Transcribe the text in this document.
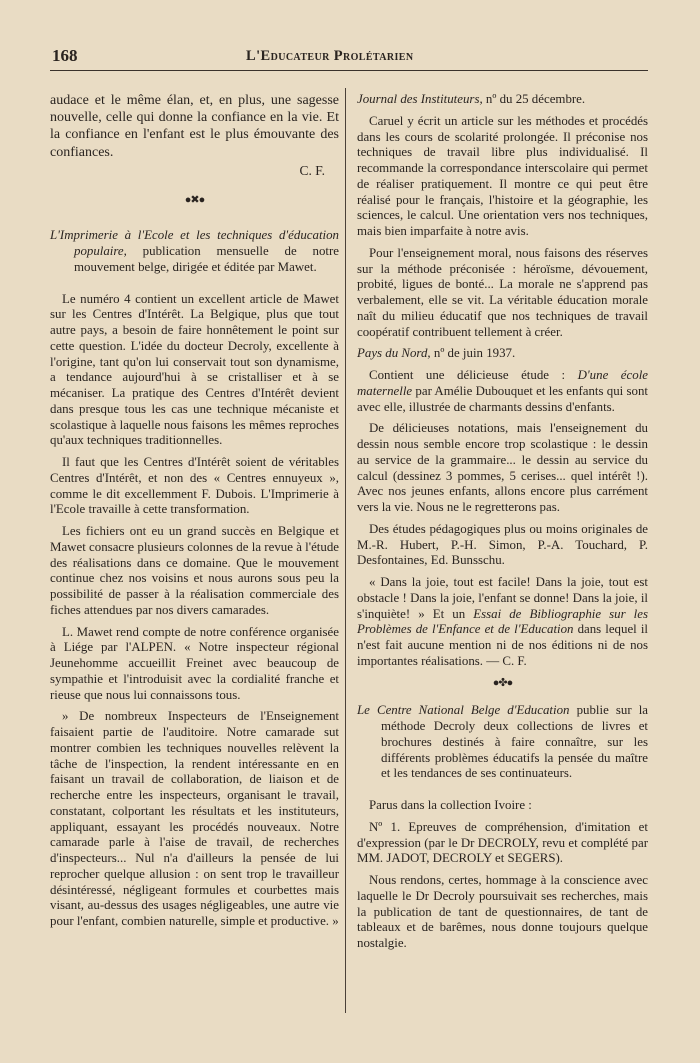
168	L'Educateur Prolétarien

audace et le même élan, et, en plus, une sagesse nouvelle, celle qui donne la confiance en la vie. Et la confiance en l'enfant est le plus émouvante des confiances.

C. F.

●✖●

L'Imprimerie à l'Ecole et les techniques d'éducation populaire, publication mensuelle de notre mouvement belge, dirigée et éditée par Mawet.

Le numéro 4 contient un excellent article de Mawet sur les Centres d'Intérêt. La Belgique, plus que tout autre pays, a besoin de faire honnêtement le point sur cette question. L'idée du docteur Decroly, excellente à l'origine, tant qu'on lui conservait tout son dynamisme, a tendance aujourd'hui à se cristalliser et à se mécaniser. La pratique des Centres d'Intérêt devient dans presque tous les cas une technique mécaniste et scolastique à laquelle nous faisons les mêmes reproches qu'aux techniques traditionnelles.

Il faut que les Centres d'Intérêt soient de véritables Centres d'Intérêt, et non des « Centres ennuyeux », comme le dit excellemment F. Dubois. L'Imprimerie à l'Ecole travaille à cette transformation.

Les fichiers ont eu un grand succès en Belgique et Mawet consacre plusieurs colonnes de la revue à l'étude des réalisations dans ce domaine. Que le mouvement continue chez nos voisins et nous aurons sous peu la possibilité de passer à la réalisation commerciale des fiches attendues par nos divers camarades.

L. Mawet rend compte de notre conférence organisée à Liége par l'ALPEN. « Notre inspecteur régional Jeunehomme accueillit Freinet avec beaucoup de sympathie et l'introduisit avec la cordialité franche et rieuse que nous lui connaissons tous.

» De nombreux Inspecteurs de l'Enseignement faisaient partie de l'auditoire. Notre camarade sut montrer combien les techniques nouvelles relèvent la tâche de l'inspection, la rendent intéressante en en faisant un travail de collaboration, de liaison et de recherche entre les inspecteurs, organisant le travail, constatant, colportant les résultats et les instituteurs, appliquant, essayant les procédés nouveaux. Notre camarade parle à l'aise de travail, de recherches d'inspecteurs... Nul n'a d'ailleurs la pensée de lui reprocher quelque allusion : on sent trop le travailleur désintéressé, négligeant formules et courbettes mais visant, au-dessus des usages négligeables, une autre vie pour l'enfant, combien naturelle, simple et productive. »

Journal des Instituteurs, nº du 25 décembre.

Caruel y écrit un article sur les méthodes et procédés dans les cours de scolarité prolongée. Il préconise nos techniques de travail libre plus individualisé. Il recommande la correspondance interscolaire qui permet de réaliser pratiquement. Il montre ce qui peut être réalisé pour le français, l'histoire et la géographie, les sciences, le calcul. Une orientation vers nos techniques, mais bien imparfaite à notre avis.

Pour l'enseignement moral, nous faisons des réserves sur la méthode préconisée : héroïsme, dévouement, probité, ligues de bonté... La morale ne s'apprend pas verbalement, elle se vit. La véritable éducation morale naît du milieu éducatif que nos techniques de travail coopératif contribuent tellement à créer.

Pays du Nord, nº de juin 1937.

Contient une délicieuse étude : D'une école maternelle par Amélie Dubouquet et les enfants qui sont avec elle, illustrée de charmants dessins d'enfants.

De délicieuses notations, mais l'enseignement du dessin nous semble encore trop scolastique : le dessin au service de la grammaire... le dessin au service du calcul (dessinez 3 pommes, 5 cerises... quel intérêt !). Avec nos jeunes enfants, allons encore plus carrément vers la vie. Nous ne le regretterons pas.

Des études pédagogiques plus ou moins originales de M.-R. Hubert, P.-H. Simon, P.-A. Touchard, P. Desfontaines, Ed. Bunsschu.

« Dans la joie, tout est facile! Dans la joie, tout est obstacle ! Dans la joie, l'enfant se donne! Dans la joie, il s'inquiète! » Et un Essai de Bibliographie sur les Problèmes de l'Enfance et de l'Education dans lequel il n'est fait aucune mention ni de nos éditions ni de nos importantes réalisations. — C. F.

●✤●

Le Centre National Belge d'Education publie sur la méthode Decroly deux collections de livres et brochures destinés à faire connaître, sur les différents problèmes éducatifs la pensée du maître et les tendances de ses continuateurs.

Parus dans la collection Ivoire :

Nº 1. Epreuves de compréhension, d'imitation et d'expression (par le Dr DECROLY, revu et complété par MM. JADOT, DECROLY et SEGERS).

Nous rendons, certes, hommage à la conscience avec laquelle le Dr Decroly poursuivait ses recherches, mais la publication de tant de questionnaires, de tant de tableaux et de barêmes, nous donne toujours quelque nostalgie.
